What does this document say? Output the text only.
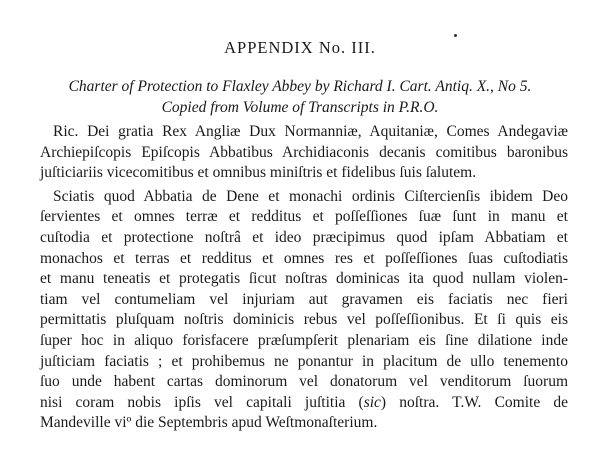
APPENDIX No. III.

Charter of Protection to Flaxley Abbey by Richard I. Cart. Antiq. X., No 5.

Copied from Volume of Transcripts in P.R.O.

Ric. Dei gratia Rex Angliæ Dux Normanniæ, Aquitaniæ, Comes Andegaviæ
Archiepiſcopis Epiſcopis Abbatibus Archidiaconis decanis comitibus baronibus
juſticiariis vicecomitibus et omnibus miniſtris et fidelibus ſuis ſalutem.
Sciatis quod Abbatia de Dene et monachi ordinis Ciſtercienſis ibidem Deo
ſervientes et omnes terræ et redditus et poſſeſſiones ſuæ ſunt in manu et
cuſtodia et protectione noſtrâ et ideo præcipimus quod ipſam Abbatiam et
monachos et terras et redditus et omnes res et poſſeſſiones ſuas cuſtodiatis
et manu teneatis et protegatis ſicut noſtras dominicas ita quod nullam violen-
tiam vel contumeliam vel injuriam aut gravamen eis faciatis nec fieri
permittatis pluſquam noſtris dominicis rebus vel poſſeſſionibus. Et ſi quis eis
ſuper hoc in aliquo forisfacere præſumpſerit plenariam eis ſine dilatione inde
juſticiam faciatis ; et prohibemus ne ponantur in placitum de ullo tenemento
ſuo unde habent cartas dominorum vel donatorum vel venditorum ſuorum
nisi coram nobis ipſis vel capitali juſtitia (sic) noſtra. T.W. Comite de
Mandeville viº die Septembris apud Weſtmonaſterium.
